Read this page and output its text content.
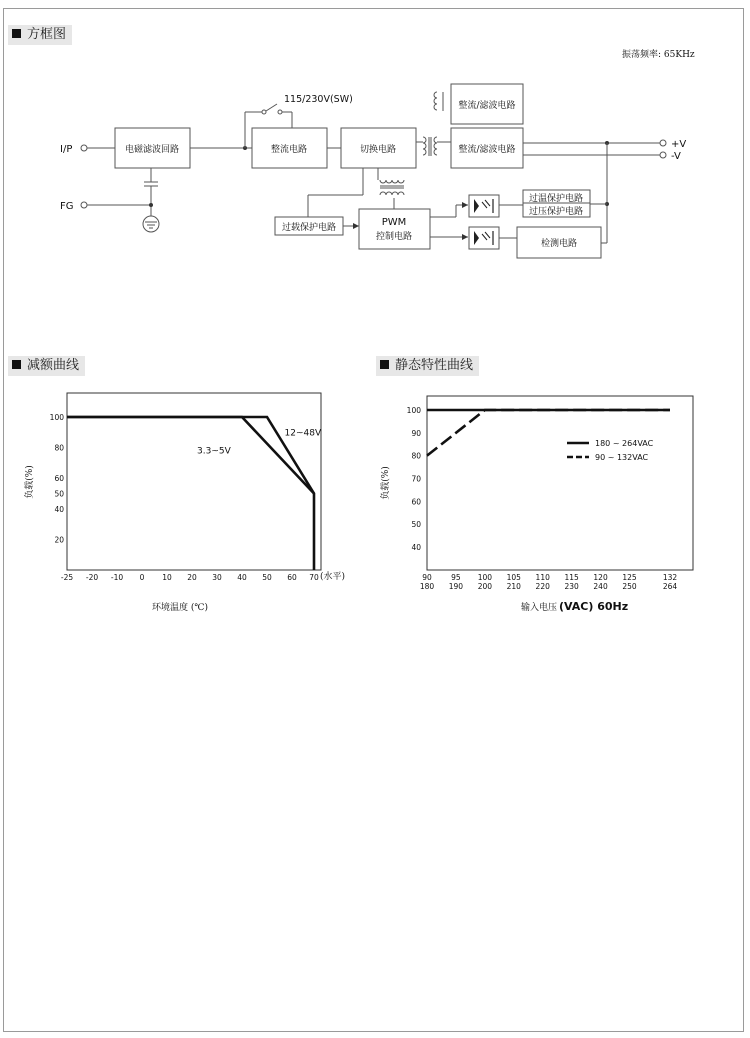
方框图
减额曲线	静态特性曲线
振荡频率: 65KHz
I/P
FG
电磁滤波回路
115/230V(SW)
整流电路	切换电路
整流/滤波电路
整流/滤波电路	+V
-V
过载保护电路	PWM
控制电路
过温保护电路
过压保护电路
检测电路
-25 -20 -10 0 10 20 30 40 50 60 70
20
40
50
60
80
100
12~48V
3.3~5V
(水平)
负载(%)
环境温度 (℃)
90
180
95
190
100
200
105
210
110
220
115
230
120
240
125
250
132
264
40
50
60
70
80
90
100
180 ~ 264VAC
90 ~ 132VAC
负载(%)
输入电压 (VAC) 60Hz
